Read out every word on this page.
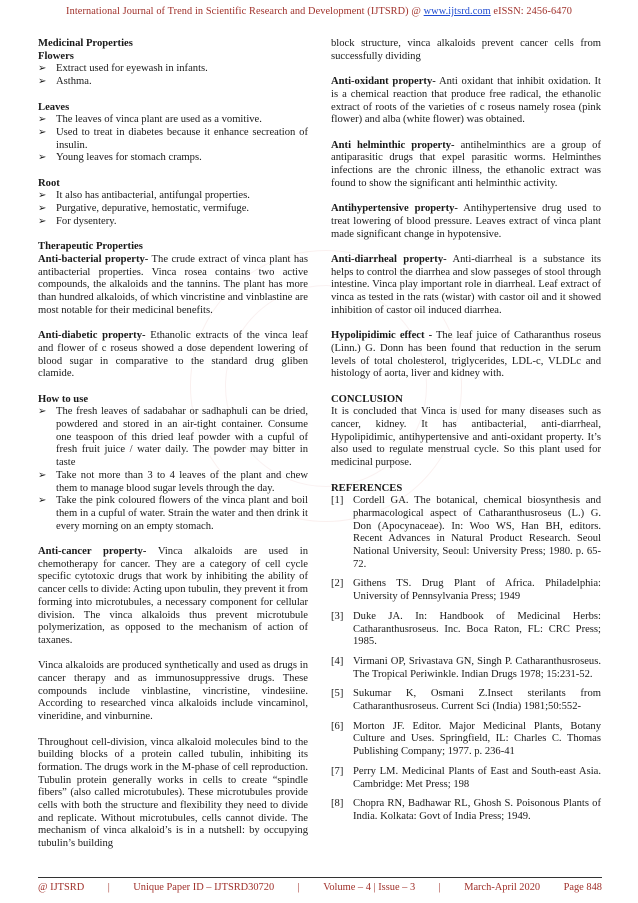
International Journal of Trend in Scientific Research and Development (IJTSRD) @ www.ijtsrd.com eISSN: 2456-6470
Medicinal Properties
Flowers
➢ Extract used for eyewash in infants.
➢ Asthma.
Leaves
➢ The leaves of vinca plant are used as a vomitive.
➢ Used to treat in diabetes because it enhance secreation of insulin.
➢ Young leaves for stomach cramps.
Root
➢ It also has antibacterial, antifungal properties.
➢ Purgative, depurative, hemostatic, vermifuge.
➢ For dysentery.
Therapeutic Properties

Anti-bacterial property- The crude extract of vinca plant has antibacterial properties. Vinca rosea contains two active compounds, the alkaloids and the tannins. The plant has more than hundred alkaloids, of which vincristine and vinblastine are most notable for their medicinal benefits.

Anti-diabetic property- Ethanolic extracts of the vinca leaf and flower of c roseus showed a dose dependent lowering of blood sugar in comparative to the standard drug gliben clamide.

How to use
➢ The fresh leaves of sadabahar or sadhaphuli can be dried, powdered and stored in an air-tight container. Consume one teaspoon of this dried leaf powder with a cupful of fresh fruit juice / water daily. The powder may bitter in taste
➢ Take not more than 3 to 4 leaves of the plant and chew them to manage blood sugar levels through the day.
➢ Take the pink coloured flowers of the vinca plant and boil them in a cupful of water. Strain the water and then drink it every morning on an empty stomach.

Anti-cancer property- Vinca alkaloids are used in chemotherapy for cancer. They are a category of cell cycle specific cytotoxic drugs that work by inhibiting the ability of cancer cells to divide: Acting upon tubulin, they prevent it from forming into microtubules, a necessary component for cellular division. The vinca alkaloids thus prevent microtubule polymerization, as opposed to the mechanism of action of taxanes.

Vinca alkaloids are produced synthetically and used as drugs in cancer therapy and as immunosuppressive drugs. These compounds include vinblastine, vincristine, vindesiine. According to researched vinca alkaloids include vincaminol, vineridine, and vinburnine.

Throughout cell-division, vinca alkaloid molecules bind to the building blocks of a protein called tubulin, inhibiting its formation. The drugs work in the M-phase of cell reproduction. Tubulin protein generally works in cells to create “spindle fibers” (also called microtubules). These microtubules provide cells with both the structure and flexibility they need to divide and replicate. Without microtubules, cells cannot divide. The mechanism of vinca alkaloid’s is in a nutshell: by occupying tubulin’s building

block structure, vinca alkaloids prevent cancer cells from successfully dividing

Anti-oxidant property- Anti oxidant that inhibit oxidation. It is a chemical reaction that produce free radical, the ethanolic extract of roots of the varieties of c roseus namely rosea (pink flower) and alba (white flower) was obtained.

Anti helminthic property- antihelminthics are a group of antiparasitic drugs that expel parasitic worms. Helminthes infections are the chronic illness, the ethanolic extract was found to show the significant anti helminthic activity.

Antihypertensive property- Antihypertensive drug used to treat lowering of blood pressure. Leaves extract of vinca plant made significant change in hypotensive.

Anti-diarrheal property- Anti-diarrheal is a substance its helps to control the diarrhea and slow passeges of stool through intestine. Vinca play important role in diarrheal. Leaf extract of vinca as tested in the rats (wistar) with castor oil and it showed inhibition of castor oil induced diarrhea.

Hypolipidimic effect - The leaf juice of Catharanthus roseus (Linn.) G. Donn has been found that reduction in the serum levels of total cholesterol, triglycerides, LDL-c, VLDLc and histology of aorta, liver and kidney with.

CONCLUSION

It is concluded that Vinca is used for many diseases such as cancer, kidney. It has antibacterial, anti-diarrheal, Hypolipidimic, antihypertensive and anti-oxidant property. It’s also used to regulate menstrual cycle. So this plant used for medicinal purpose.

REFERENCES
[1] Cordell GA. The botanical, chemical biosynthesis and pharmacological aspect of Catharanthusroseus (L.) G. Don (Apocynaceae). In: Woo WS, Han BH, editors. Recent Advances in Natural Product Research. Seoul National University, Seoul: University Press; 1980. p. 65-72.
[2] Githens TS. Drug Plant of Africa. Philadelphia: University of Pennsylvania Press; 1949
[3] Duke JA. In: Handbook of Medicinal Herbs: Catharanthusroseus. Inc. Boca Raton, FL: CRC Press; 1985.
[4] Virmani OP, Srivastava GN, Singh P. Catharanthusroseus. The Tropical Periwinkle. Indian Drugs 1978; 15:231-52.
[5] Sukumar K, Osmani Z.Insect sterilants from Catharanthusroseus. Current Sci (India) 1981;50:552-
[6] Morton JF. Editor. Major Medicinal Plants, Botany Culture and Uses. Springfield, IL: Charles C. Thomas Publishing Company; 1977. p. 236-41
[7] Perry LM. Medicinal Plants of East and South-east Asia. Cambridge: Met Press; 198
[8] Chopra RN, Badhawar RL, Ghosh S. Poisonous Plants of India. Kolkata: Govt of India Press; 1949.
@ IJTSRD | Unique Paper ID – IJTSRD30720 | Volume – 4 | Issue – 3 | March-April 2020 Page 848
